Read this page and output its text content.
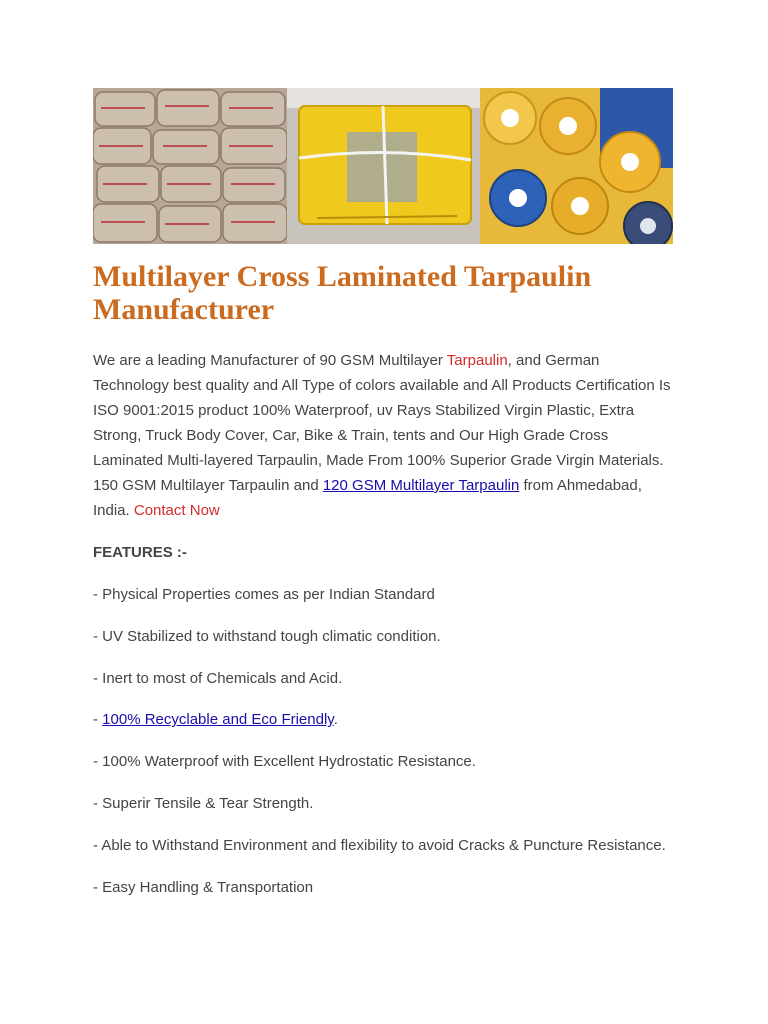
Multilayer Cross Laminated Tarpaulin Manufacturer

We are a leading Manufacturer of 90 GSM Multilayer Tarpaulin, and German Technology best quality and All Type of colors available and All Products Certification Is ISO 9001:2015 product 100% Waterproof, uv Rays Stabilized Virgin Plastic, Extra Strong, Truck Body Cover, Car, Bike & Train, tents and Our High Grade Cross Laminated Multi-layered Tarpaulin, Made From 100% Superior Grade Virgin Materials. 150 GSM Multilayer Tarpaulin and 120 GSM Multilayer Tarpaulin from Ahmedabad, India. Contact Now

FEATURES :-

- Physical Properties comes as per Indian Standard

- UV Stabilized to withstand tough climatic condition.

- Inert to most of Chemicals and Acid.

- 100% Recyclable and Eco Friendly.

- 100% Waterproof with Excellent Hydrostatic Resistance.

- Superir Tensile & Tear Strength.

- Able to Withstand Environment and flexibility to avoid Cracks & Puncture Resistance.

- Easy Handling & Transportation
